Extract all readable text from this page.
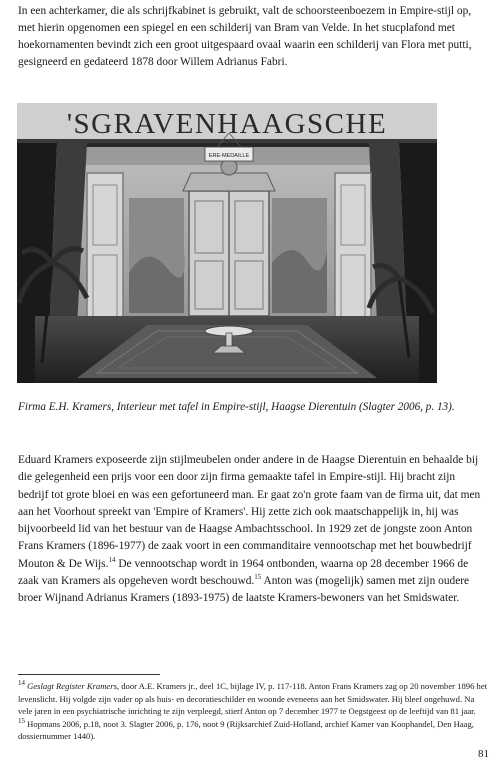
In een achterkamer, die als schrijfkabinet is gebruikt, valt de schoorsteenboezem in Empire-stijl op, met hierin opgenomen een spiegel en een schilderij van Bram van Velde. In het stucplafond met hoekornamenten bevindt zich een groot uitgespaard ovaal waarin een schilderij van Flora met putti, gesigneerd en gedateerd 1878 door Willem Adrianus Fabri.

'SGRAVENHAAGSCHE
ERE-MEDAILLE

Firma E.H. Kramers, Interieur met tafel in Empire-stijl, Haagse Dierentuin (Slagter 2006, p. 13).

Eduard Kramers exposeerde zijn stijlmeubelen onder andere in de Haagse Dierentuin en behaalde bij die gelegenheid een prijs voor een door zijn firma gemaakte tafel in Empire-stijl. Hij bracht zijn bedrijf tot grote bloei en was een gefortuneerd man. Er gaat zo'n grote faam van de firma uit, dat men aan het Voorhout spreekt van 'Empire of Kramers'. Hij zette zich ook maatschappelijk in, hij was bijvoorbeeld lid van het bestuur van de Haagse Ambachtsschool. In 1929 zet de jongste zoon Anton Frans Kramers (1896-1977) de zaak voort in een commanditaire vennootschap met het bouwbedrijf Mouton & De Wijs.$^{14}$ De vennootschap wordt in 1964 ontbonden, waarna op 28 december 1966 de zaak van Kramers als opgeheven wordt beschouwd.$^{15}$ Anton was (mogelijk) samen met zijn oudere broer Wijnand Adrianus Kramers (1893-1975) de laatste Kramers-bewoners van het Smidswater.

$^{14}$ Geslagt Register Kramers, door A.E. Kramers jr., deel 1C, bijlage IV, p. 117-118. Anton Frans Kramers zag op 20 november 1896 het levenslicht. Hij volgde zijn vader op als huis- en decoratieschilder en woonde eveneens aan het Smidswater. Hij bleef ongehuwd. Na vele jaren in een psychiatrische inrichting te zijn verpleegd, stierf Anton op 7 december 1977 te Oegstgeest op de leeftijd van 81 jaar.

$^{15}$ Hopmans 2006, p.18, noot 3. Slagter 2006, p. 176, noot 9 (Rijksarchief Zuid-Holland, archief Kamer van Koophandel, Den Haag, dossiernummer 1440).

81
